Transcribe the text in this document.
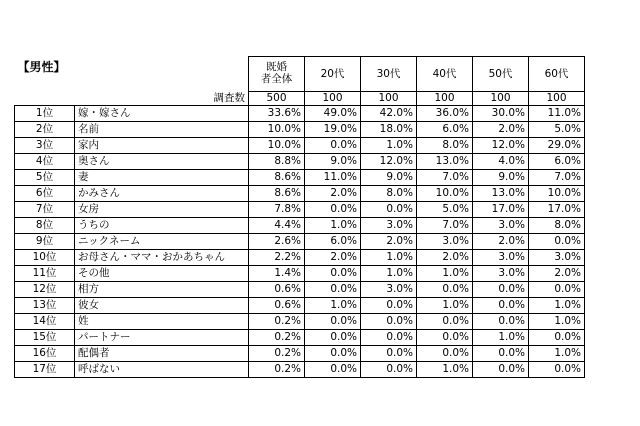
【男性】		既婚
者全体	20代	30代	40代	50代	60代
	調査数	500	100	100	100	100	100
1位	嫁・嫁さん	33.6%	49.0%	42.0%	36.0%	30.0%	11.0%
2位	名前	10.0%	19.0%	18.0%	6.0%	2.0%	5.0%
3位	家内	10.0%	0.0%	1.0%	8.0%	12.0%	29.0%
4位	奥さん	8.8%	9.0%	12.0%	13.0%	4.0%	6.0%
5位	妻	8.6%	11.0%	9.0%	7.0%	9.0%	7.0%
6位	かみさん	8.6%	2.0%	8.0%	10.0%	13.0%	10.0%
7位	女房	7.8%	0.0%	0.0%	5.0%	17.0%	17.0%
8位	うちの	4.4%	1.0%	3.0%	7.0%	3.0%	8.0%
9位	ニックネーム	2.6%	6.0%	2.0%	3.0%	2.0%	0.0%
10位	お母さん・ママ・おかあちゃん	2.2%	2.0%	1.0%	2.0%	3.0%	3.0%
11位	その他	1.4%	0.0%	1.0%	1.0%	3.0%	2.0%
12位	相方	0.6%	0.0%	3.0%	0.0%	0.0%	0.0%
13位	彼女	0.6%	1.0%	0.0%	1.0%	0.0%	1.0%
14位	姓	0.2%	0.0%	0.0%	0.0%	0.0%	1.0%
15位	パートナー	0.2%	0.0%	0.0%	0.0%	1.0%	0.0%
16位	配偶者	0.2%	0.0%	0.0%	0.0%	0.0%	1.0%
17位	呼ばない	0.2%	0.0%	0.0%	1.0%	0.0%	0.0%
